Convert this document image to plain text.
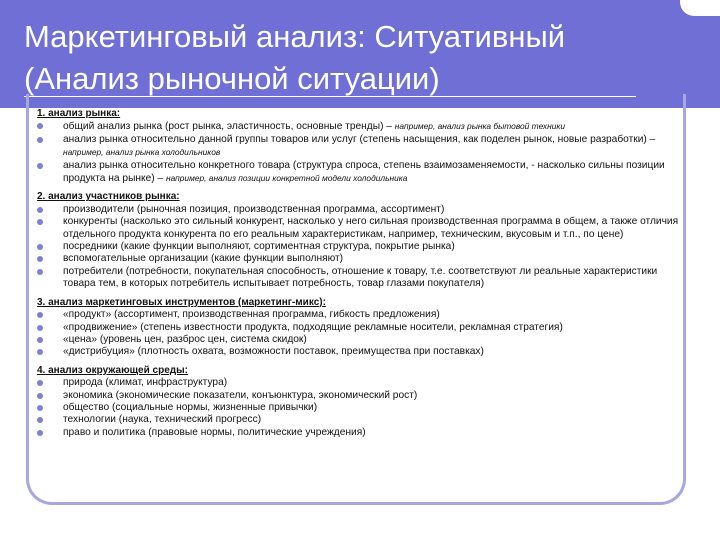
Маркетинговый анализ: Ситуативный
(Анализ рыночной ситуации)
1. анализ рынка:
общий анализ рынка (рост рынка, эластичность, основные тренды) – например, анализ рынка бытовой техники
анализ рынка относительно данной группы товаров или услуг (степень насыщения, как поделен рынок, новые разработки) – например, анализ рынка холодильников
анализ рынка относительно конкретного товара (структура спроса, степень взаимозаменяемости, - насколько сильны позиции продукта на рынке) – например, анализ позиции конкретной модели холодильника
2. анализ участников рынка:
производители (рыночная позиция, производственная программа, ассортимент)
конкуренты (насколько это сильный конкурент, насколько у него сильная производственная программа в общем, а также отличия отдельного продукта конкурента по его реальным характеристикам, например, техническим, вкусовым и т.п., по цене)
посредники (какие функции выполняют, сортиментная структура, покрытие рынка)
вспомогательные организации (какие функции выполняют)
потребители (потребности, покупательная способность, отношение к товару, т.е. соответствуют ли реальные характеристики товара тем, в которых потребитель испытывает потребность, товар глазами покупателя)
3. анализ маркетинговых инструментов (маркетинг-микс):
«продукт» (ассортимент, производственная программа, гибкость предложения)
«продвижение» (степень известности продукта, подходящие рекламные носители, рекламная стратегия)
«цена» (уровень цен, разброс цен, система скидок)
«дистрибуция» (плотность охвата, возможности поставок, преимущества при поставках)
4. анализ окружающей среды:
природа (климат, инфраструктура)
экономика (экономические показатели, конъюнктура, экономический рост)
общество (социальные нормы, жизненные привычки)
технологии (наука, технический прогресс)
право и политика (правовые нормы, политические учреждения)
